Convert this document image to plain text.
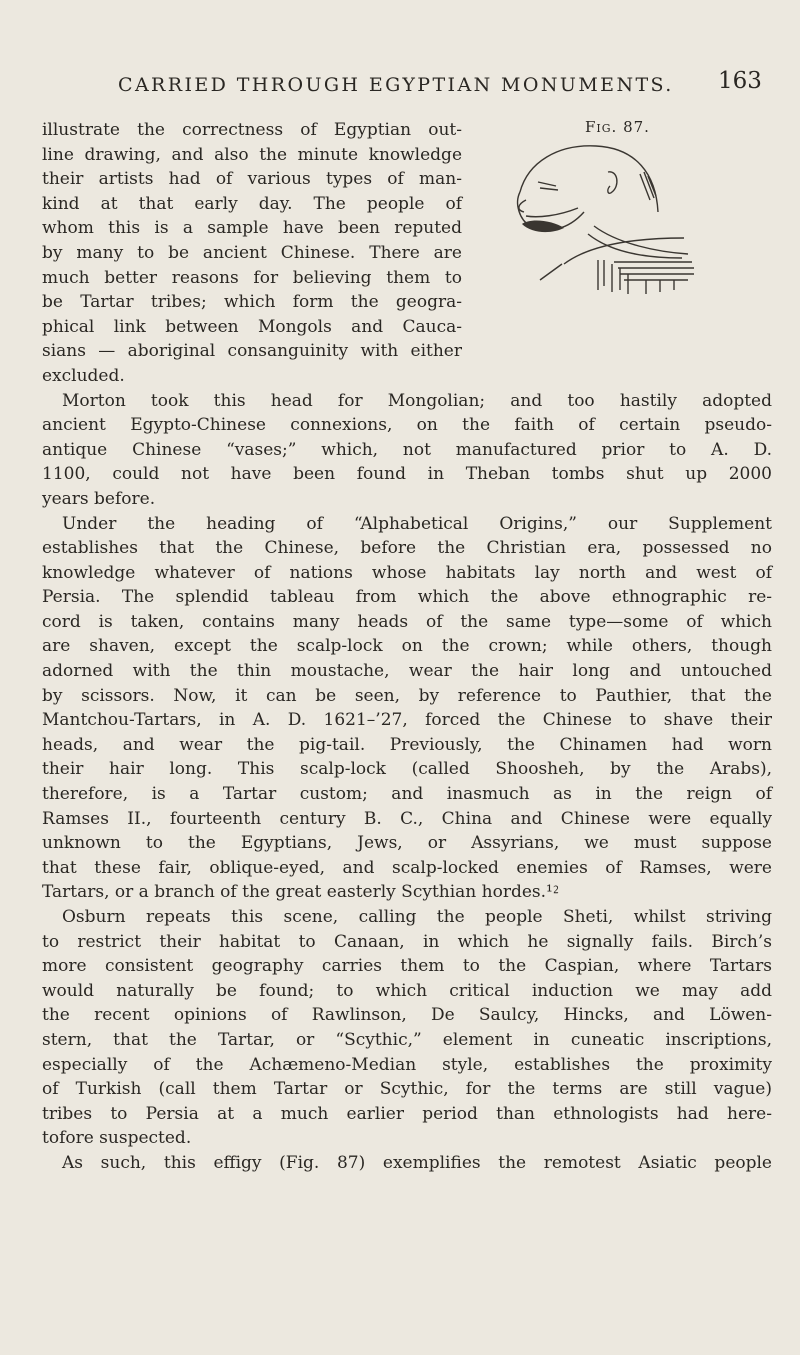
CARRIED THROUGH EGYPTIAN MONUMENTS. 163
Fig. 87.
illustrate the correctness of Egyptian out-
line drawing, and also the minute knowledge
their artists had of various types of man-
kind at that early day. The people of
whom this is a sample have been reputed
by many to be ancient Chinese. There are
much better reasons for believing them to
be Tartar tribes; which form the geogra-
phical link between Mongols and Cauca-
sians — aboriginal consanguinity with either
excluded.
Morton took this head for Mongolian; and too hastily adopted
ancient Egypto-Chinese connexions, on the faith of certain pseudo-
antique Chinese “vases;” which, not manufactured prior to A. D.
1100, could not have been found in Theban tombs shut up 2000
years before.
Under the heading of “Alphabetical Origins,” our Supplement
establishes that the Chinese, before the Christian era, possessed no
knowledge whatever of nations whose habitats lay north and west of
Persia. The splendid tableau from which the above ethnographic re-
cord is taken, contains many heads of the same type—some of which
are shaven, except the scalp-lock on the crown; while others, though
adorned with the thin moustache, wear the hair long and untouched
by scissors. Now, it can be seen, by reference to Pauthier, that the
Mantchou-Tartars, in A. D. 1621–’27, forced the Chinese to shave their
heads, and wear the pig-tail. Previously, the Chinamen had worn
their hair long. This scalp-lock (called Shoosheh, by the Arabs),
therefore, is a Tartar custom; and inasmuch as in the reign of
Ramses II., fourteenth century B. C., China and Chinese were equally
unknown to the Egyptians, Jews, or Assyrians, we must suppose
that these fair, oblique-eyed, and scalp-locked enemies of Ramses, were
Tartars, or a branch of the great easterly Scythian hordes.¹⁲
Osburn repeats this scene, calling the people Sheti, whilst striving
to restrict their habitat to Canaan, in which he signally fails. Birch’s
more consistent geography carries them to the Caspian, where Tartars
would naturally be found; to which critical induction we may add
the recent opinions of Rawlinson, De Saulcy, Hincks, and Löwen-
stern, that the Tartar, or “Scythic,” element in cuneatic inscriptions,
especially of the Achæmeno-Median style, establishes the proximity
of Turkish (call them Tartar or Scythic, for the terms are still vague)
tribes to Persia at a much earlier period than ethnologists had here-
tofore suspected.
As such, this effigy (Fig. 87) exemplifies the remotest Asiatic people
